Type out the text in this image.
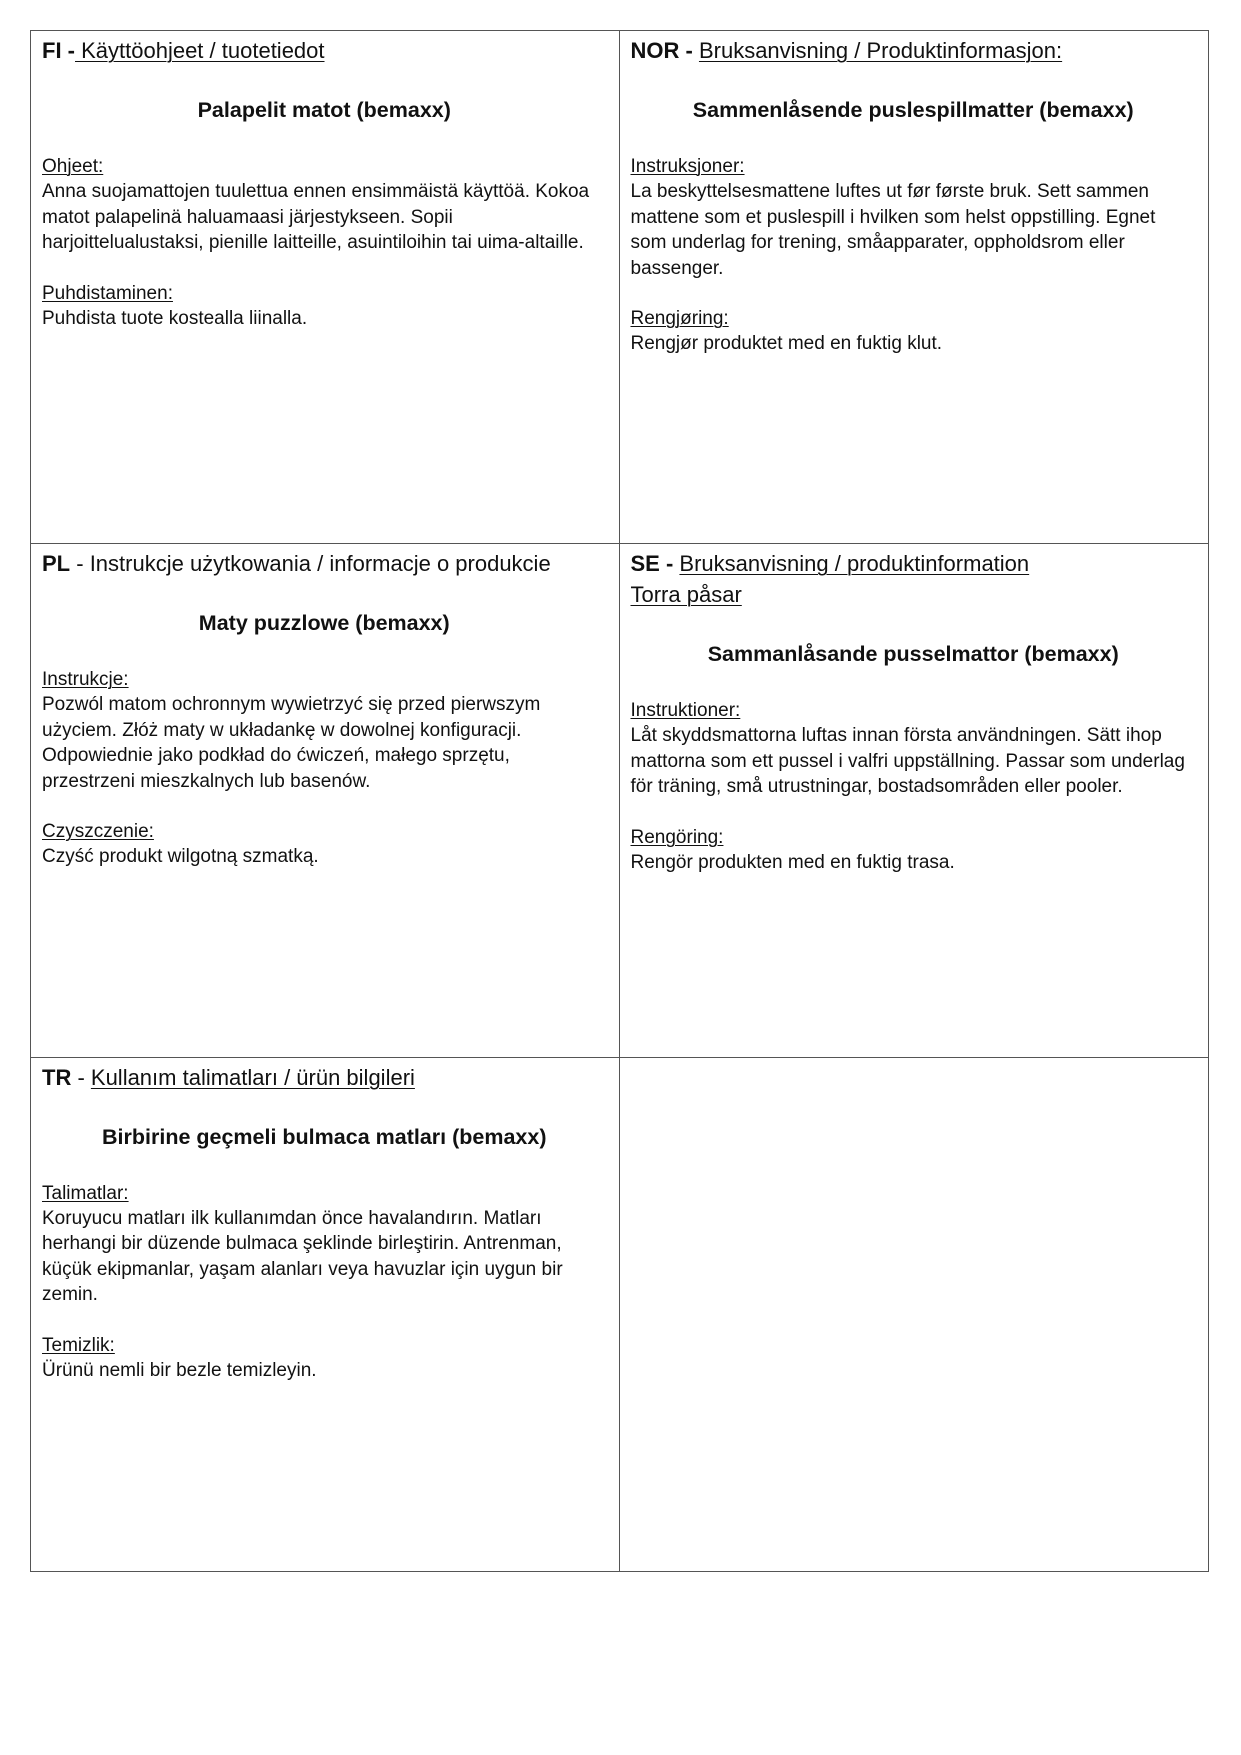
FI - Käyttöohjeet / tuotetiedot
Palapelit matot (bemaxx)
Ohjeet:
Anna suojamattojen tuulettua ennen ensimmäistä käyttöä. Kokoa matot palapelinä haluamaasi järjestykseen. Sopii harjoittelualustaksi, pienille laitteille, asuintiloihin tai uima-altaille.
Puhdistaminen:
Puhdista tuote kostealla liinalla.
NOR - Bruksanvisning / Produktinformasjon:
Sammenlåsende puslespillmatter (bemaxx)
Instruksjoner:
La beskyttelsesmattene luftes ut før første bruk. Sett sammen mattene som et puslespill i hvilken som helst oppstilling. Egnet som underlag for trening, småapparater, oppholdsrom eller bassenger.
Rengjøring:
Rengjør produktet med en fuktig klut.
PL - Instrukcje użytkowania / informacje o produkcie
Maty puzzlowe (bemaxx)
Instrukcje:
Pozwól matom ochronnym wywietrzyć się przed pierwszym użyciem. Złóż maty w układankę w dowolnej konfiguracji. Odpowiednie jako podkład do ćwiczeń, małego sprzętu, przestrzeni mieszkalnych lub basenów.
Czyszczenie:
Czyść produkt wilgotną szmatką.
SE - Bruksanvisning / produktinformation
Torra påsar
Sammanlåsande pusselmattor (bemaxx)
Instruktioner:
Låt skyddsmattorna luftas innan första användningen. Sätt ihop mattorna som ett pussel i valfri uppställning. Passar som underlag för träning, små utrustningar, bostadsområden eller pooler.
Rengöring:
Rengör produkten med en fuktig trasa.
TR - Kullanım talimatları / ürün bilgileri
Birbirine geçmeli bulmaca matları (bemaxx)
Talimatlar:
Koruyucu matları ilk kullanımdan önce havalandırın. Matları herhangi bir düzende bulmaca şeklinde birleştirin. Antrenman, küçük ekipmanlar, yaşam alanları veya havuzlar için uygun bir zemin.
Temizlik:
Ürünü nemli bir bezle temizleyin.
